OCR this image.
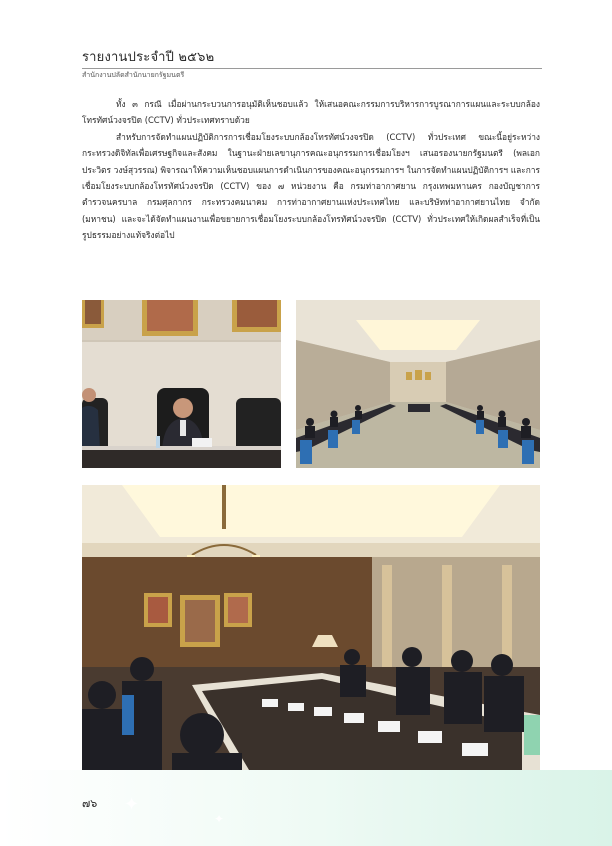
รายงานประจำปี ๒๕๖๒
สำนักงานปลัดสำนักนายกรัฐมนตรี

ทั้ง ๓ กรณี เมื่อผ่านกระบวนการอนุมัติเห็นชอบแล้ว ให้เสนอคณะกรรมการบริหารการบูรณาการแผนและระบบกล้องโทรทัศน์วงจรปิด (CCTV) ทั่วประเทศทราบด้วย

สำหรับการจัดทำแผนปฏิบัติการการเชื่อมโยงระบบกล้องโทรทัศน์วงจรปิด (CCTV) ทั่วประเทศ ขณะนี้อยู่ระหว่างกระทรวงดิจิทัลเพื่อเศรษฐกิจและสังคม ในฐานะฝ่ายเลขานุการคณะอนุกรรมการเชื่อมโยงฯ เสนอรองนายกรัฐมนตรี (พลเอก ประวิตร วงษ์สุวรรณ) พิจารณาให้ความเห็นชอบแผนการดำเนินการของคณะอนุกรรมการฯ ในการจัดทำแผนปฏิบัติการฯ และการเชื่อมโยงระบบกล้องโทรทัศน์วงจรปิด (CCTV) ของ ๗ หน่วยงาน คือ กรมท่าอากาศยาน กรุงเทพมหานคร กองบัญชาการตำรวจนครบาล กรมศุลกากร กระทรวงคมนาคม การท่าอากาศยานแห่งประเทศไทย และบริษัทท่าอากาศยานไทย จำกัด (มหาชน) และจะได้จัดทำแผนงานเพื่อขยายการเชื่อมโยงระบบกล้องโทรทัศน์วงจรปิด (CCTV) ทั่วประเทศให้เกิดผลสำเร็จที่เป็นรูปธรรมอย่างแท้จริงต่อไป

✦
✦
๗๖
